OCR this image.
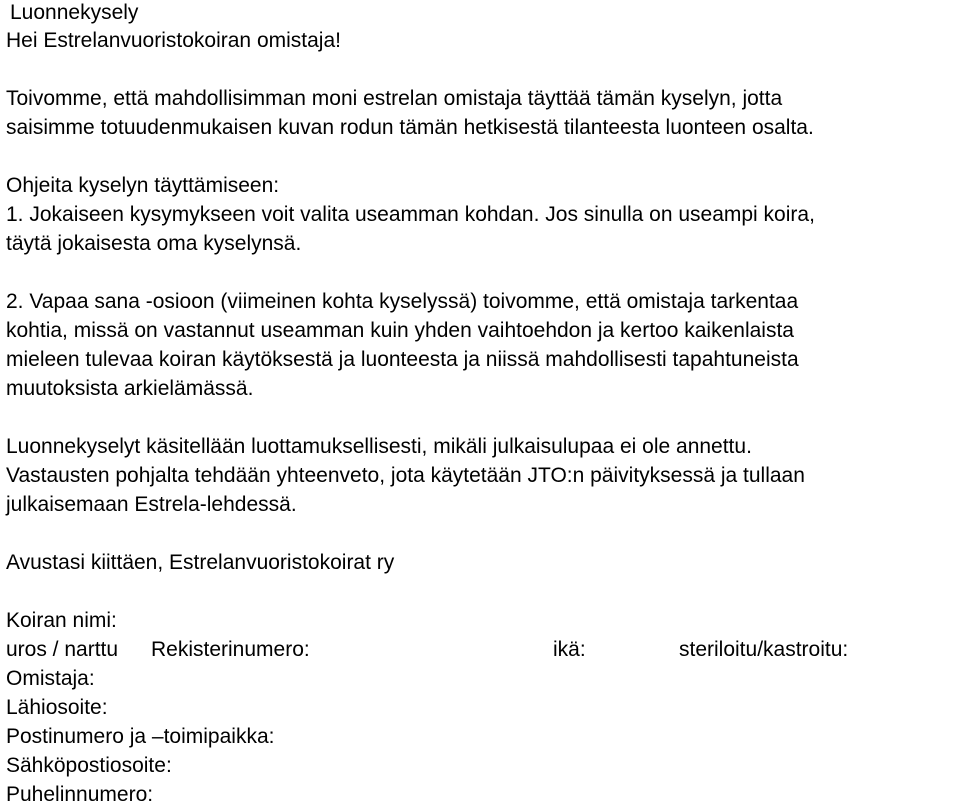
Luonnekysely
Hei Estrelanvuoristokoiran omistaja!
Toivomme, että mahdollisimman moni estrelan omistaja täyttää tämän kyselyn, jotta
saisimme totuudenmukaisen kuvan rodun tämän hetkisestä tilanteesta luonteen osalta.
Ohjeita kyselyn täyttämiseen:
1. Jokaiseen kysymykseen voit valita useamman kohdan. Jos sinulla on useampi koira,
täytä jokaisesta oma kyselynsä.
2. Vapaa sana -osioon (viimeinen kohta kyselyssä) toivomme, että omistaja tarkentaa
kohtia, missä on vastannut useamman kuin yhden vaihtoehdon ja kertoo kaikenlaista
mieleen tulevaa koiran käytöksestä ja luonteesta ja niissä mahdollisesti tapahtuneista
muutoksista arkielämässä.
Luonnekyselyt käsitellään luottamuksellisesti, mikäli julkaisulupaa ei ole annettu.
Vastausten pohjalta tehdään yhteenveto, jota käytetään JTO:n päivityksessä ja tullaan
julkaisemaan Estrela-lehdessä.
Avustasi kiittäen, Estrelanvuoristokoirat ry
Koiran nimi:
uros / narttu	Rekisterinumero:	ikä:	steriloitu/kastroitu:
Omistaja:
Lähiosoite:
Postinumero ja –toimipaikka:
Sähköpostiosoite:
Puhelinnumero:
